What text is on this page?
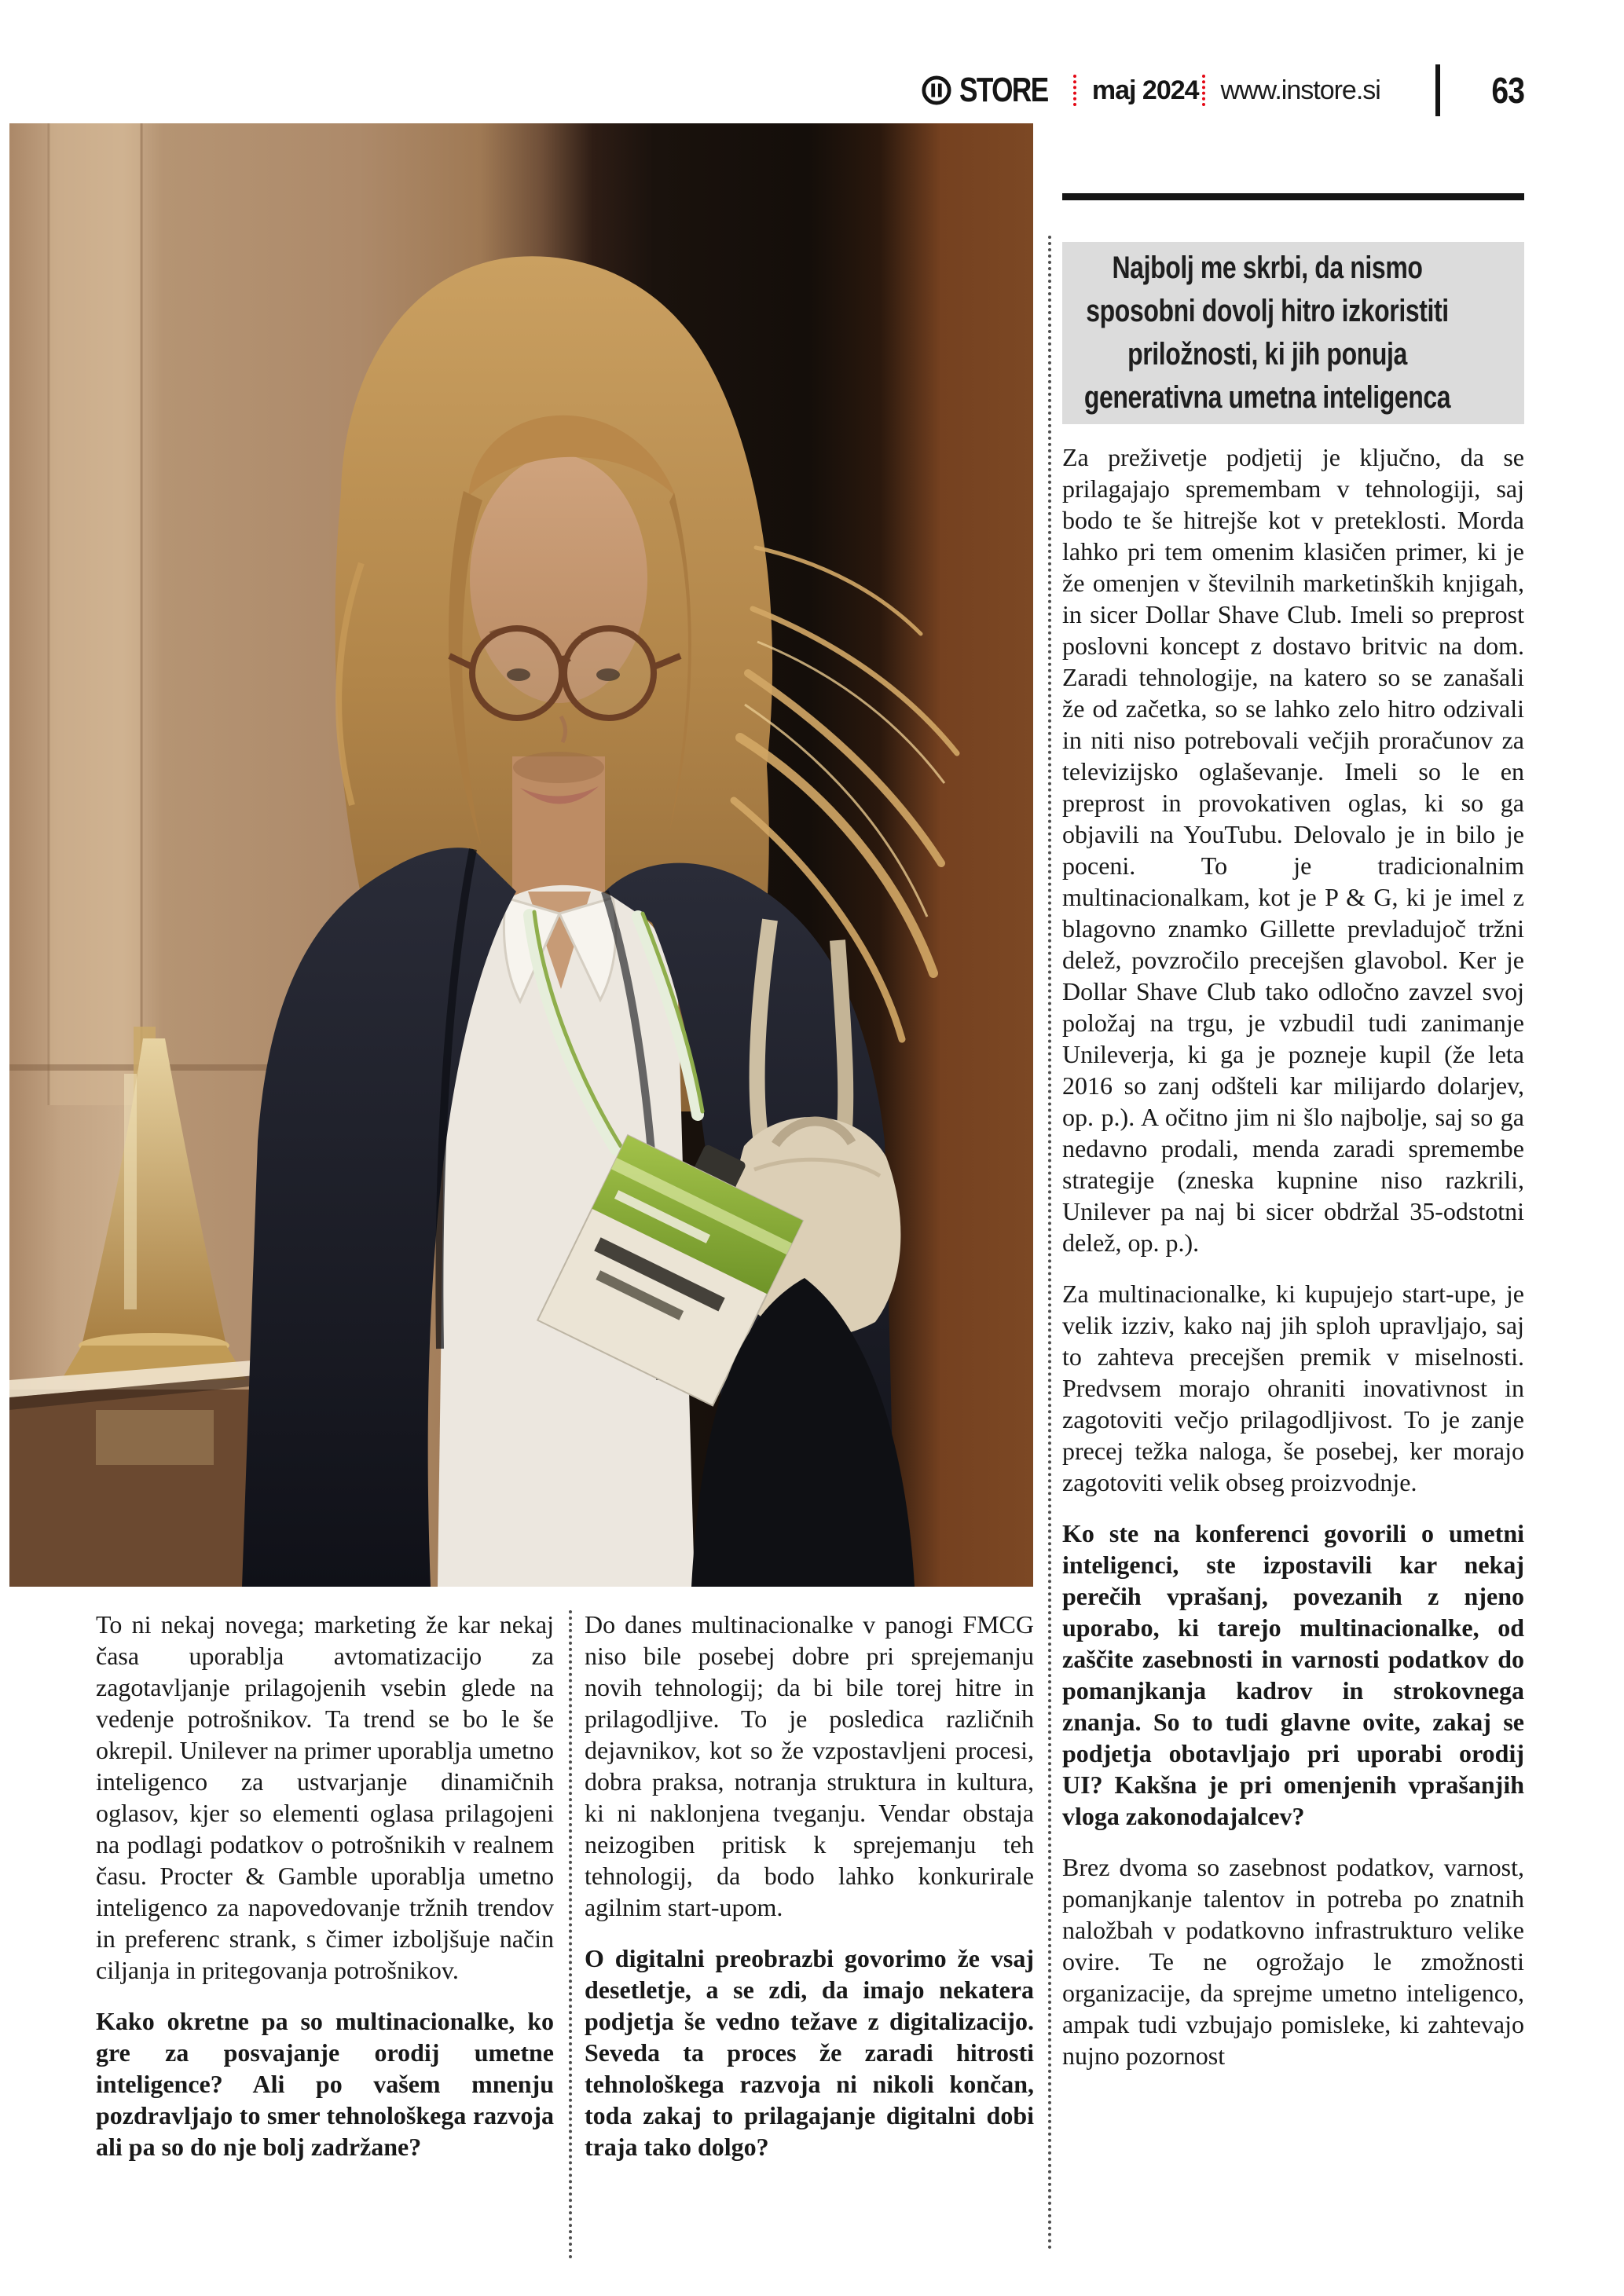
STORE maj 2024 www.instore.si	63
Najbolj me skrbi, da nismo
sposobni dovolj hitro izkoristiti
priložnosti, ki jih ponuja
generativna umetna inteligenca

Za preživetje podjetij je ključno, da se prilagajajo spremembam v tehnologiji, saj bodo te še hitrejše kot v preteklosti. Morda lahko pri tem omenim klasičen primer, ki je že omenjen v številnih marketinških knjigah, in sicer Dollar Shave Club. Imeli so preprost poslovni koncept z dostavo britvic na dom. Zaradi tehnologije, na katero so se zanašali že od začetka, so se lahko zelo hitro odzivali in niti niso potrebovali večjih proračunov za televizijsko oglaševanje. Imeli so le en preprost in provokativen oglas, ki so ga objavili na YouTubu. Delovalo je in bilo je poceni. To je tradicionalnim multinacionalkam, kot je P & G, ki je imel z blagovno znamko Gillette prevladujoč tržni delež, povzročilo precejšen glavobol. Ker je Dollar Shave Club tako odločno zavzel svoj položaj na trgu, je vzbudil tudi zanimanje Unileverja, ki ga je pozneje kupil (že leta 2016 so zanj odšteli kar milijardo dolarjev, op. p.). A očitno jim ni šlo najbolje, saj so ga nedavno prodali, menda zaradi spremembe strategije (zneska kupnine niso razkrili, Unilever pa naj bi sicer obdržal 35-odstotni delež, op. p.).

Za multinacionalke, ki kupujejo start-upe, je velik izziv, kako naj jih sploh upravljajo, saj to zahteva precejšen premik v miselnosti. Predvsem morajo ohraniti inovativnost in zagotoviti večjo prilagodljivost. To je zanje precej težka naloga, še posebej, ker morajo zagotoviti velik obseg proizvodnje.

Ko ste na konferenci govorili o umetni inteligenci, ste izpostavili kar nekaj perečih vprašanj, povezanih z njeno uporabo, ki tarejo multinacionalke, od zaščite zasebnosti in varnosti podatkov do pomanjkanja kadrov in strokovnega znanja. So to tudi glavne ovite, zakaj se podjetja obotavljajo pri uporabi orodij UI? Kakšna je pri omenjenih vprašanjih vloga zakonodajalcev?

Brez dvoma so zasebnost podatkov, varnost, pomanjkanje talentov in potreba po znatnih naložbah v podatkovno infrastrukturo velike ovire. Te ne ogrožajo le zmožnosti organizacije, da sprejme umetno inteligenco, ampak tudi vzbujajo pomisleke, ki zahtevajo nujno pozornost

To ni nekaj novega; marketing že kar nekaj časa uporablja avtomatizacijo za zagotavljanje prilagojenih vsebin glede na vedenje potrošnikov. Ta trend se bo le še okrepil. Unilever na primer uporablja umetno inteligenco za ustvarjanje dinamičnih oglasov, kjer so elementi oglasa prilagojeni na podlagi podatkov o potrošnikih v realnem času. Procter & Gamble uporablja umetno inteligenco za napovedovanje tržnih trendov in preferenc strank, s čimer izboljšuje način ciljanja in pritegovanja potrošnikov.

Kako okretne pa so multinacionalke, ko gre za posvajanje orodij umetne inteligence? Ali po vašem mnenju pozdravljajo to smer tehnološkega razvoja ali pa so do nje bolj zadržane?

Do danes multinacionalke v panogi FMCG niso bile posebej dobre pri sprejemanju novih tehnologij; da bi bile torej hitre in prilagodljive. To je posledica različnih dejavnikov, kot so že vzpostavljeni procesi, dobra praksa, notranja struktura in kultura, ki ni naklonjena tveganju. Vendar obstaja neizogiben pritisk k sprejemanju teh tehnologij, da bodo lahko konkurirale agilnim start-upom.

O digitalni preobrazbi govorimo že vsaj desetletje, a se zdi, da imajo nekatera podjetja še vedno težave z digitalizacijo. Seveda ta proces že zaradi hitrosti tehnološkega razvoja ni nikoli končan, toda zakaj to prilagajanje digitalni dobi traja tako dolgo?
